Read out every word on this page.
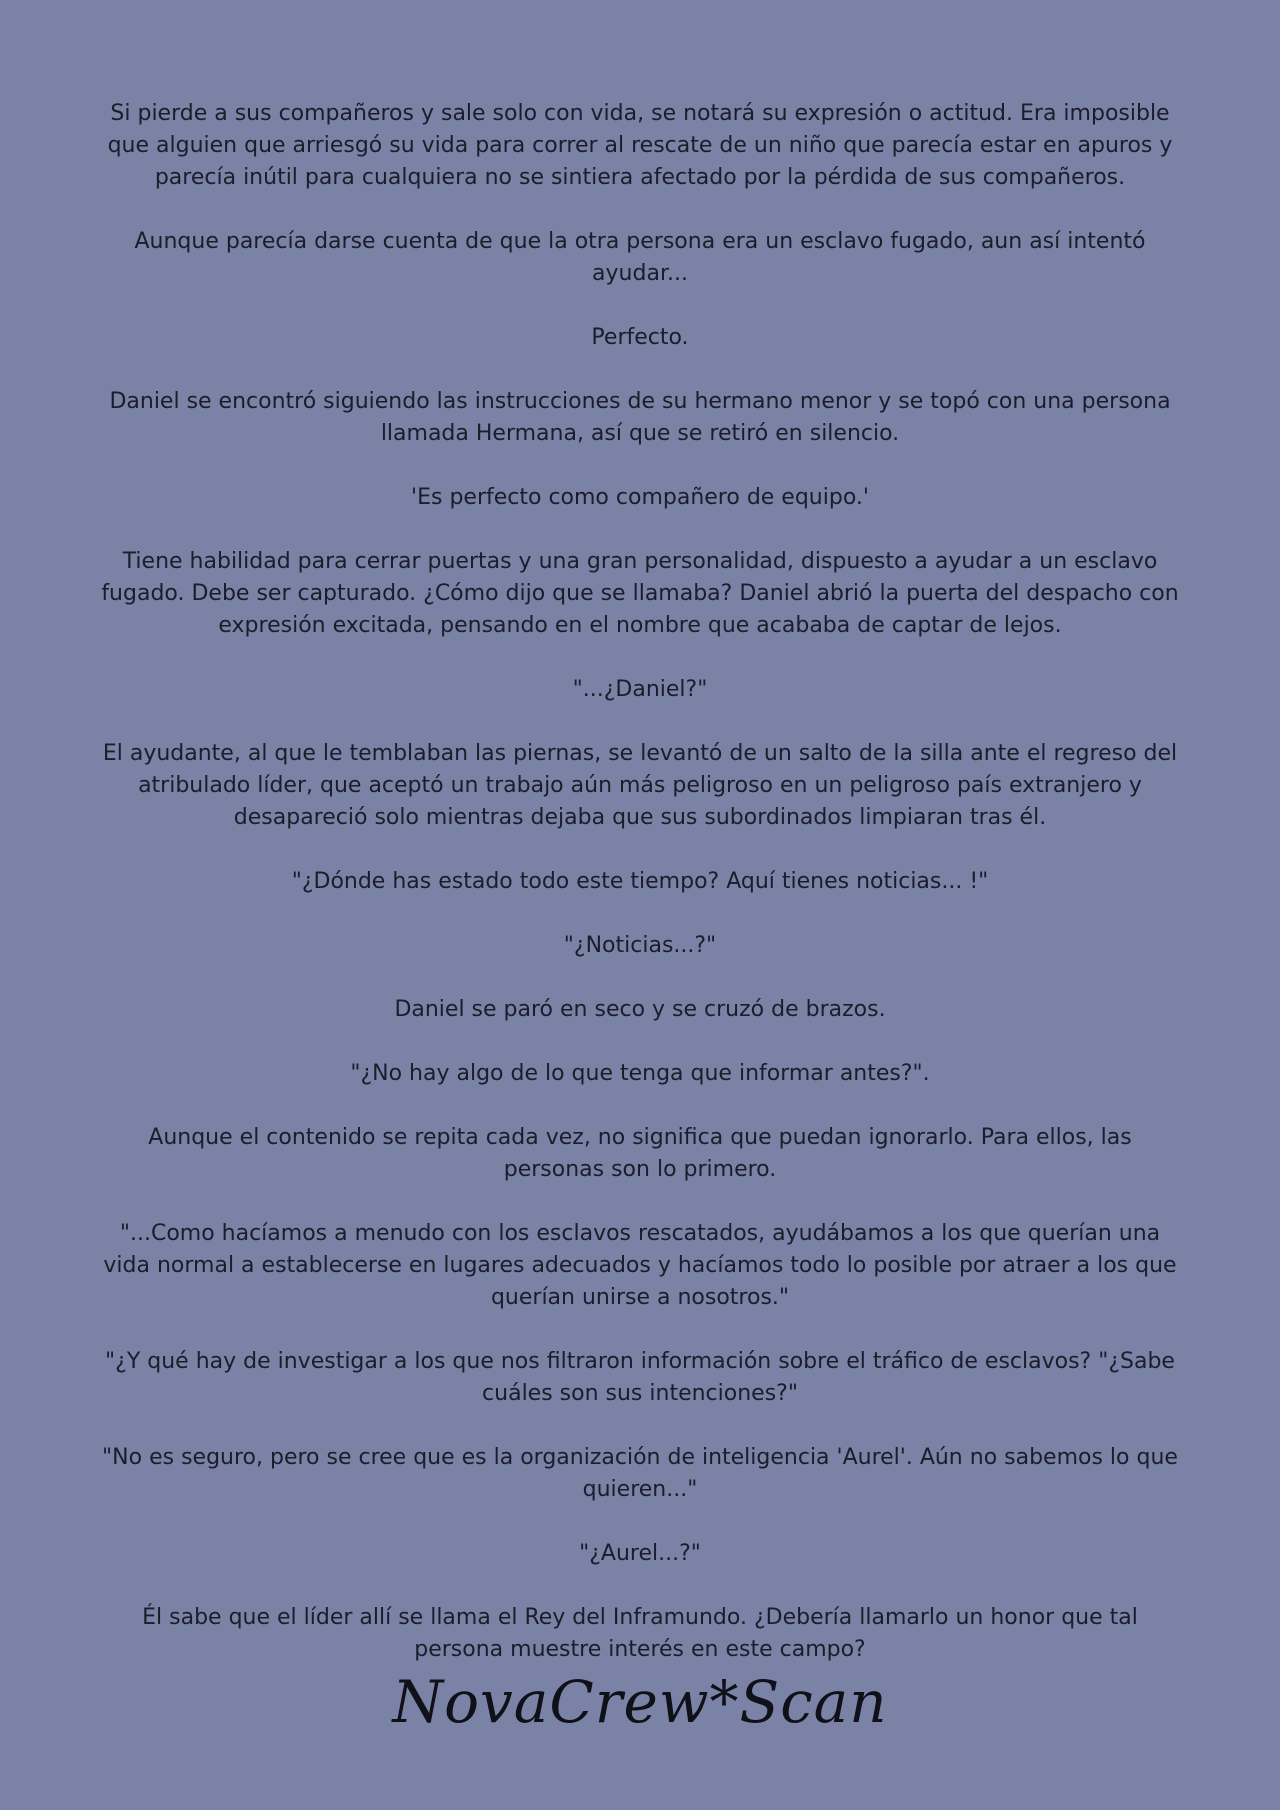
Si pierde a sus compañeros y sale solo con vida, se notará su expresión o actitud. Era imposible que alguien que arriesgó su vida para correr al rescate de un niño que parecía estar en apuros y parecía inútil para cualquiera no se sintiera afectado por la pérdida de sus compañeros.

Aunque parecía darse cuenta de que la otra persona era un esclavo fugado, aun así intentó ayudar...

Perfecto.

Daniel se encontró siguiendo las instrucciones de su hermano menor y se topó con una persona llamada Hermana, así que se retiró en silencio.

'Es perfecto como compañero de equipo.'

Tiene habilidad para cerrar puertas y una gran personalidad, dispuesto a ayudar a un esclavo fugado. Debe ser capturado. ¿Cómo dijo que se llamaba? Daniel abrió la puerta del despacho con expresión excitada, pensando en el nombre que acababa de captar de lejos.

"...¿Daniel?"

El ayudante, al que le temblaban las piernas, se levantó de un salto de la silla ante el regreso del atribulado líder, que aceptó un trabajo aún más peligroso en un peligroso país extranjero y desapareció solo mientras dejaba que sus subordinados limpiaran tras él.

"¿Dónde has estado todo este tiempo? Aquí tienes noticias... !"

"¿Noticias...?"

Daniel se paró en seco y se cruzó de brazos.

"¿No hay algo de lo que tenga que informar antes?".

Aunque el contenido se repita cada vez, no significa que puedan ignorarlo. Para ellos, las personas son lo primero.

"...Como hacíamos a menudo con los esclavos rescatados, ayudábamos a los que querían una vida normal a establecerse en lugares adecuados y hacíamos todo lo posible por atraer a los que querían unirse a nosotros."

"¿Y qué hay de investigar a los que nos filtraron información sobre el tráfico de esclavos? "¿Sabe cuáles son sus intenciones?"

"No es seguro, pero se cree que es la organización de inteligencia 'Aurel'. Aún no sabemos lo que quieren..."

"¿Aurel...?"

Él sabe que el líder allí se llama el Rey del Inframundo. ¿Debería llamarlo un honor que tal persona muestre interés en este campo?

NovaCrew*Scan
